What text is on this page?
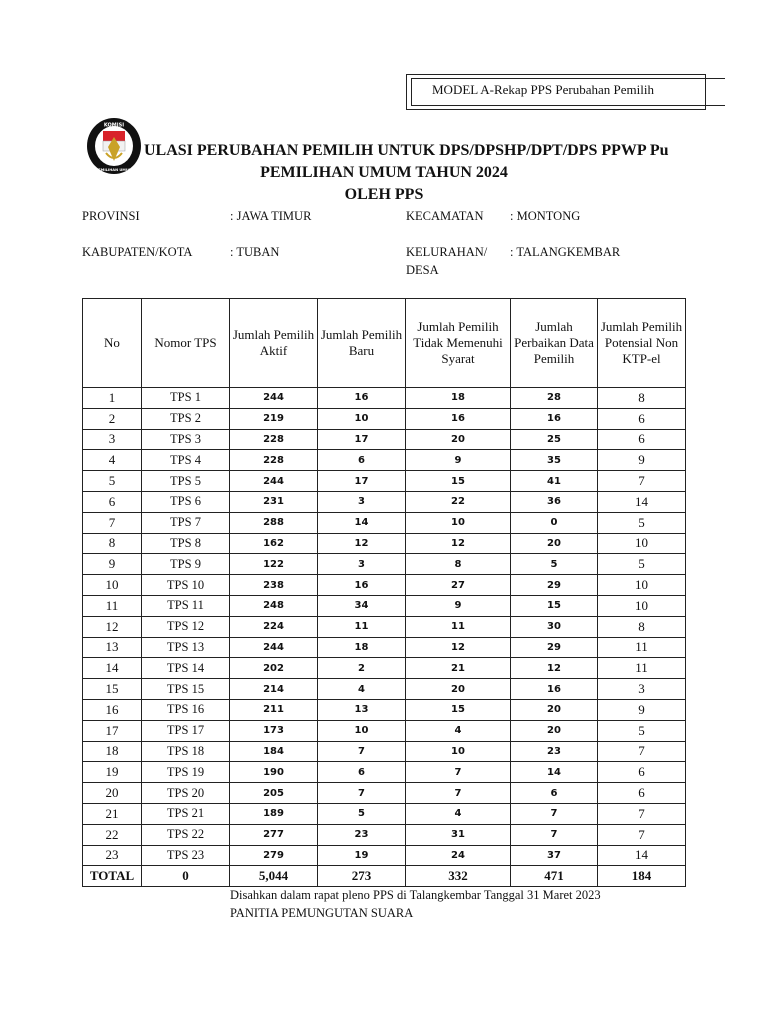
MODEL A-Rekap PPS Perubahan Pemilih
KOMISI
PEMILIHAN UMUM
ULASI PERUBAHAN PEMILIH UNTUK DPS/DPSHP/DPT/DPS PPWP Pu
PEMILIHAN UMUM TAHUN 2024
OLEH PPS
PROVINSI	: JAWA TIMUR	KECAMATAN : MONTONG
KABUPATEN/KOTA	: TUBAN	KELURAHAN/
DESA
: TALANGKEMBAR
No	Nomor TPS	Jumlah Pemilih Aktif	Jumlah Pemilih Baru	Jumlah Pemilih Tidak Memenuhi Syarat	Jumlah Perbaikan Data Pemilih	Jumlah Pemilih Potensial Non KTP-el
1	TPS 1	244	16	18	28	8
2	TPS 2	219	10	16	16	6
3	TPS 3	228	17	20	25	6
4	TPS 4	228	6	9	35	9
5	TPS 5	244	17	15	41	7
6	TPS 6	231	3	22	36	14
7	TPS 7	288	14	10	0	5
8	TPS 8	162	12	12	20	10
9	TPS 9	122	3	8	5	5
10	TPS 10	238	16	27	29	10
11	TPS 11	248	34	9	15	10
12	TPS 12	224	11	11	30	8
13	TPS 13	244	18	12	29	11
14	TPS 14	202	2	21	12	11
15	TPS 15	214	4	20	16	3
16	TPS 16	211	13	15	20	9
17	TPS 17	173	10	4	20	5
18	TPS 18	184	7	10	23	7
19	TPS 19	190	6	7	14	6
20	TPS 20	205	7	7	6	6
21	TPS 21	189	5	4	7	7
22	TPS 22	277	23	31	7	7
23	TPS 23	279	19	24	37	14
TOTAL	0	5,044	273	332	471	184
Disahkan dalam rapat pleno PPS di Talangkembar Tanggal 31 Maret 2023
PANITIA PEMUNGUTAN SUARA
